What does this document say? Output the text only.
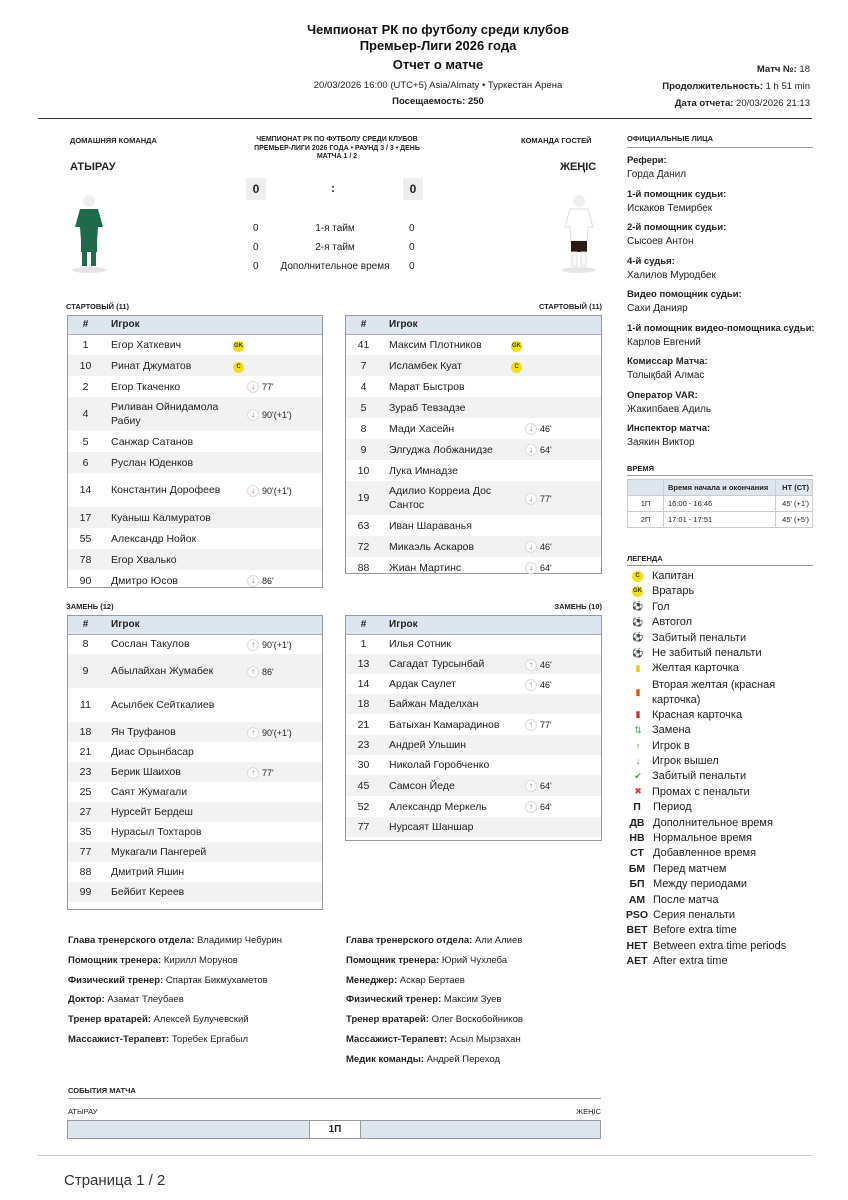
Чемпионат РК по футболу среди клубов
Премьер-Лиги 2026 года
Отчет о матче
20/03/2026 16:00 (UTC+5) Asia/Almaty • Туркестан Арена
Посещаемость: 250
Матч №: 18
Продолжительность: 1 h 51 min
Дата отчета: 20/03/2026 21:13
ДОМАШНЯЯ КОМАНДА	КОМАНДА ГОСТЕЙ
ЧЕМПИОНАТ РК ПО ФУТБОЛУ СРЕДИ КЛУБОВ
ПРЕМЬЕР-ЛИГИ 2026 ГОДА • РАУНД 3 / 3 • ДЕНЬ
МАТЧА 1 / 2
АТЫРАУ	ЖЕҢІС
0	:	0
0	1-я тайм	0
0	2-я тайм	0
0	Дополнительное время	0
СТАРТОВЫЙ (11)	СТАРТОВЫЙ (11)
#	Игрок	
1	Егор Хаткевич	GK
10	Ринат Джуматов	C
2	Егор Ткаченко	↓ 77'

4	Риливан Ойнидамола Рабиу	↓ 90'(+1')

5	Санжар Сатанов	
6	Руслан Юденков	
14	Константин Дорофеев	↓ 90'(+1')

17	Куаныш Калмуратов	
55	Александр Нойок	
78	Егор Хвалько	
90	Дмитро Юсов	↓ 86'
#	Игрок	
41	Максим Плотников	GK
7	Исламбек Куат	C
4	Марат Быстров	
5	Зураб Тевзадзе	
8	Мади Хасейн	↓ 46'

9	Элгуджа Лобжанидзе	↓ 64'

10	Лука Имнадзе	
19	Адилио Корреиа Дос Сантос	↓ 77'

63	Иван Шараванья	
72	Микаэль Аскаров	↓ 46'

88	Жиан Мартинс	↓ 64'
ЗАМЕНЬ (12)	ЗАМЕНЬ (10)
#	Игрок	
8	Сослан Такулов	↑ 90'(+1')

9	Абылайхан Жумабек	↑ 86'

11	Асылбек Сейткалиев	
18	Ян Труфанов	↑ 90'(+1')

21	Диас Орынбасар	
23	Берик Шаихов	↑ 77'

25	Саят Жумагали	
27	Нурсейт Бердеш	
35	Нурасыл Тохтаров	
77	Мукагали Пангерей	
88	Дмитрий Яшин	
99	Бейбит Кереев	
#	Игрок	
1	Илья Сотник	
13	Сагадат Турсынбай	↑ 46'

14	Ардак Саулет	↑ 46'

18	Байжан Маделхан	
21	Батыхан Камарадинов	↑ 77'

23	Андрей Ульшин	
30	Николай Горобченко	
45	Самсон Йеде	↑ 64'

52	Александр Меркель	↑ 64'

77	Нурсаят Шаншар	
ОФИЦИАЛЬНЫЕ ЛИЦА
Рефери:
Горда Данил
1-й помощник судьи:
Искаков Темирбек
2-й помощник судьи:
Сысоев Антон
4-й судья:
Халилов Муродбек
Видео помощник судьи:
Сахи Данияр
1-й помощник видео-помощника судьи:
Карлов Евгений
Комиссар Матча:
Толықбай Алмас
Оператор VAR:
Жакипбаев Адиль
Инспектор матча:
Заякин Виктор
ВРЕМЯ
	Время начала и окончания	HT (СТ)
1П	16:00 - 16:46	45' (+1')
2П	17:01 - 17:51	45' (+5')
ЛЕГЕНДА
C	Капитан
GK Вратарь
⚽ Гол
⚽ Автогол
⚽ Забитый пенальти
⚽ Не забитый пенальти
▮	Желтая карточка
▮
Вторая желтая (красная карточка)
▮	Красная карточка
⇅ Замена
↑	Игрок в
↓	Игрок вышел
✔ Забитый пенальти
✖ Промах с пенальти
П	Период
ДВ Дополнительное время
НВ Нормальное время
СТ Добавленное время
БМ Перед матчем
БП Между периодами
АМ После матча
PSO Серия пенальти
BET Before extra time
HET Between extra time periods
AET After extra time
Глава тренерского отдела: Владимир Чебурин
Помощник тренера: Кирилл Морунов
Физический тренер: Спартак Бикмухаметов
Доктор: Азамат Тлеубаев
Тренер вратарей: Алексей Булучевский
Массажист-Терапевт: Торебек Ергабыл
Глава тренерского отдела: Али Алиев
Помощник тренера: Юрий Чухлеба
Менеджер: Аскар Бертаев
Физический тренер: Максим Зуев
Тренер вратарей: Олег Воскобойников
Массажист-Терапевт: Асыл Мырзахан
Медик команды: Андрей Переход
СОБЫТИЯ МАТЧА
АТЫРАУ	ЖЕҢІС
1П
Страница 1 / 2
